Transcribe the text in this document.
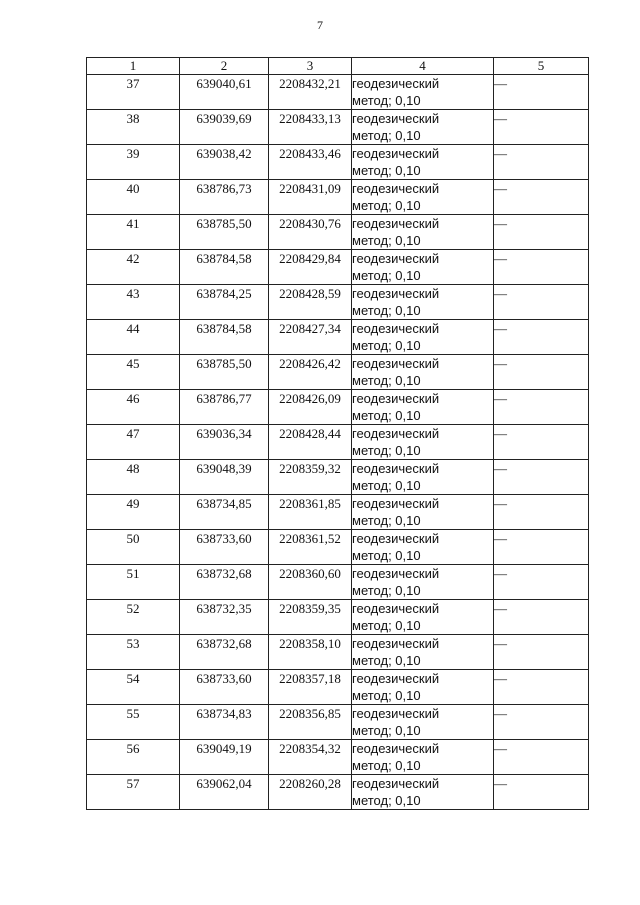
7
1	2	3	4	5
37	639040,61	2208432,21	геодезический
метод; 0,10	—
38	639039,69	2208433,13	геодезический
метод; 0,10	—
39	639038,42	2208433,46	геодезический
метод; 0,10	—
40	638786,73	2208431,09	геодезический
метод; 0,10	—
41	638785,50	2208430,76	геодезический
метод; 0,10	—
42	638784,58	2208429,84	геодезический
метод; 0,10	—
43	638784,25	2208428,59	геодезический
метод; 0,10	—
44	638784,58	2208427,34	геодезический
метод; 0,10	—
45	638785,50	2208426,42	геодезический
метод; 0,10	—
46	638786,77	2208426,09	геодезический
метод; 0,10	—
47	639036,34	2208428,44	геодезический
метод; 0,10	—
48	639048,39	2208359,32	геодезический
метод; 0,10	—
49	638734,85	2208361,85	геодезический
метод; 0,10	—
50	638733,60	2208361,52	геодезический
метод; 0,10	—
51	638732,68	2208360,60	геодезический
метод; 0,10	—
52	638732,35	2208359,35	геодезический
метод; 0,10	—
53	638732,68	2208358,10	геодезический
метод; 0,10	—
54	638733,60	2208357,18	геодезический
метод; 0,10	—
55	638734,83	2208356,85	геодезический
метод; 0,10	—
56	639049,19	2208354,32	геодезический
метод; 0,10	—
57	639062,04	2208260,28	геодезический
метод; 0,10	—
